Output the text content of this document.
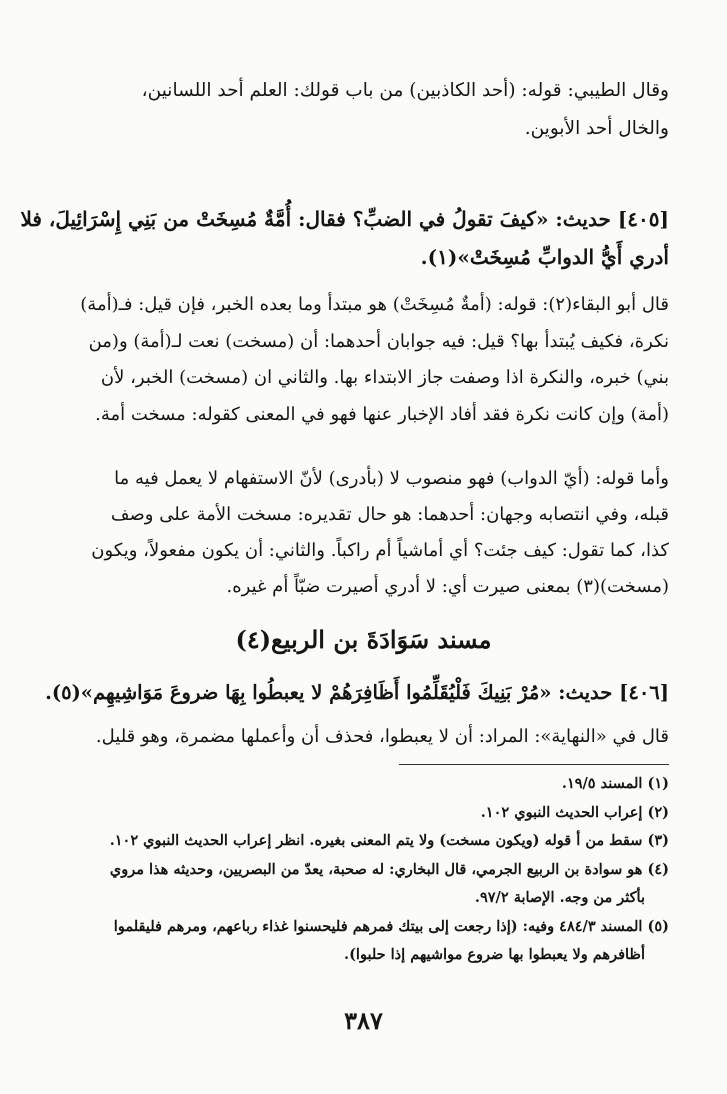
وقال الطيبي: قوله: (أحد الكاذبين) من باب قولك: العلم أحد اللسانين،
والخال أحد الأبوين.
[٤٠٥] حديث: «كيفَ تقولُ في الضبِّ؟ فقال: أُمَّةٌ مُسِخَتْ من بَنِي إِسْرَائِيلَ، فلا
أدري أَيُّ الدوابِّ مُسِخَتْ»(١).
قال أبو البقاء(٢): قوله: (أمةٌ مُسِخَتْ) هو مبتدأ وما بعده الخبر، فإن قيل: فـ(أمة)
نكرة، فكيف يُبتدأ بها؟ قيل: فيه جوابان أحدهما: أن (مسخت) نعت لـ(أمة) و(من
بني) خبره، والنكرة اذا وصفت جاز الابتداء بها. والثاني ان (مسخت) الخبر، لأن
(أمة) وإن كانت نكرة فقد أفاد الإخبار عنها فهو في المعنى كقوله: مسخت أمة.
وأما قوله: (أيّ الدواب) فهو منصوب لا (بأدرى) لأنّ الاستفهام لا يعمل فيه ما
قبله، وفي انتصابه وجهان: أحدهما: هو حال تقديره: مسخت الأمة على وصف
كذا، كما تقول: كيف جئت؟ أي أماشياً أم راكباً. والثاني: أن يكون مفعولاً، ويكون
(مسخت)(٣) بمعنى صيرت أي: لا أدري أصيرت ضبّاً أم غيره.
مسند سَوَادَةَ بن الربيع(٤)
[٤٠٦] حديث: «مُرْ بَنِيكَ فَلْيُقَلِّمُوا أَظَافِرَهُمْ لا يعبطُوا بِهَا ضروعَ مَوَاشِيهِم»(٥).
قال في «النهاية»: المراد: أن لا يعبطوا، فحذف أن وأعملها مضمرة، وهو قليل.
(١) المسند ١٩/٥.
(٢) إعراب الحديث النبوي ١٠٢.
(٣) سقط من أ قوله (ويكون مسخت) ولا يتم المعنى بغيره. انظر إعراب الحديث النبوي ١٠٢.
(٤) هو سوادة بن الربيع الجرمي، قال البخاري: له صحبة، يعدّ من البصريين، وحديثه هذا مروي
بأكثر من وجه. الإصابة ٩٧/٢.
(٥) المسند ٤٨٤/٣ وفيه: (إذا رجعت إلى بيتك فمرهم فليحسنوا غذاء رباعهم، ومرهم فليقلموا
أظافرهم ولا يعبطوا بها ضروع مواشيهم إذا حلبوا).
٣٨٧
